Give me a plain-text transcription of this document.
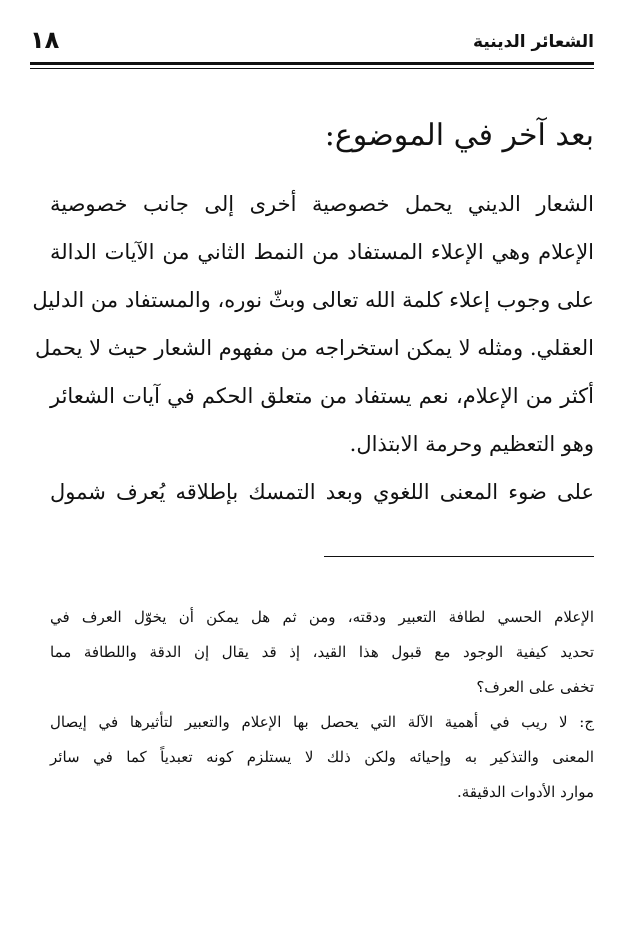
الشعائر الدينية
١٨
بعد آخر في الموضوع:
الشعار الديني يحمل خصوصية أخرى إلى جانب خصوصية
الإعلام وهي الإعلاء المستفاد من النمط الثاني من الآيات الدالة
على وجوب إعلاء كلمة الله تعالى وبثّ نوره، والمستفاد من الدليل
العقلي. ومثله لا يمكن استخراجه من مفهوم الشعار حيث لا يحمل
أكثر من الإعلام، نعم يستفاد من متعلق الحكم في آيات الشعائر
وهو التعظيم وحرمة الابتذال.
على ضوء المعنى اللغوي وبعد التمسك بإطلاقه يُعرف شمول
الإعلام الحسي لطافة التعبير ودقته، ومن ثم هل يمكن أن يخوّل العرف في
تحديد كيفية الوجود مع قبول هذا القيد، إذ قد يقال إن الدقة واللطافة مما
تخفى على العرف؟
ج: لا ريب في أهمية الآلة التي يحصل بها الإعلام والتعبير لتأثيرها في إيصال
المعنى والتذكير به وإحيائه ولكن ذلك لا يستلزم كونه تعبدياً كما في سائر
موارد الأدوات الدقيقة.
